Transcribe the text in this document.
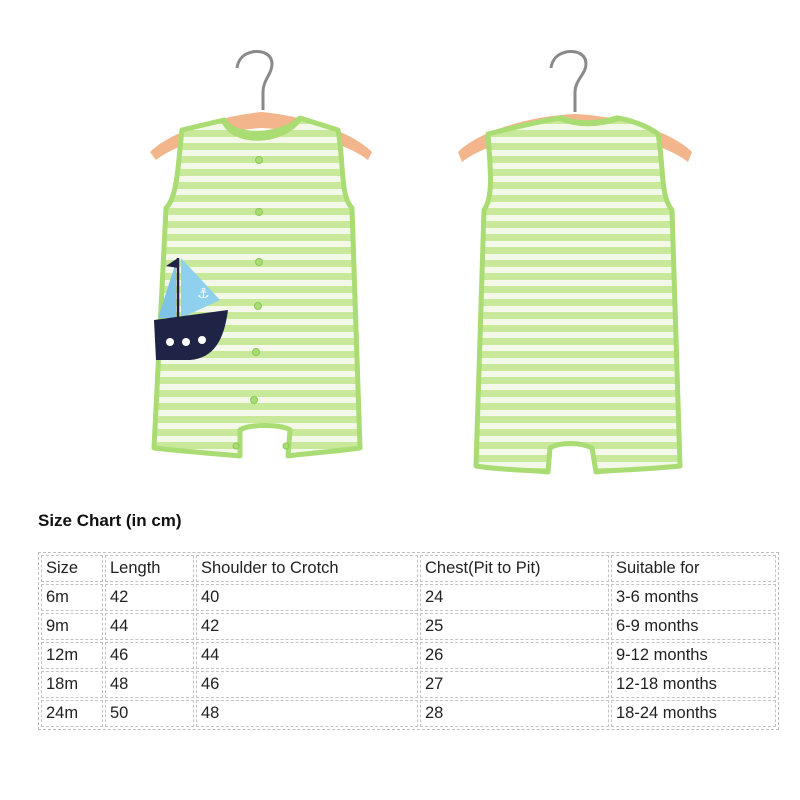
⚓
Size Chart (in cm)
Size	Length	Shoulder to Crotch	Chest(Pit to Pit)	Suitable for
6m	42	40	24	3-6 months
9m	44	42	25	6-9 months
12m	46	44	26	9-12 months
18m	48	46	27	12-18 months
24m	50	48	28	18-24 months
